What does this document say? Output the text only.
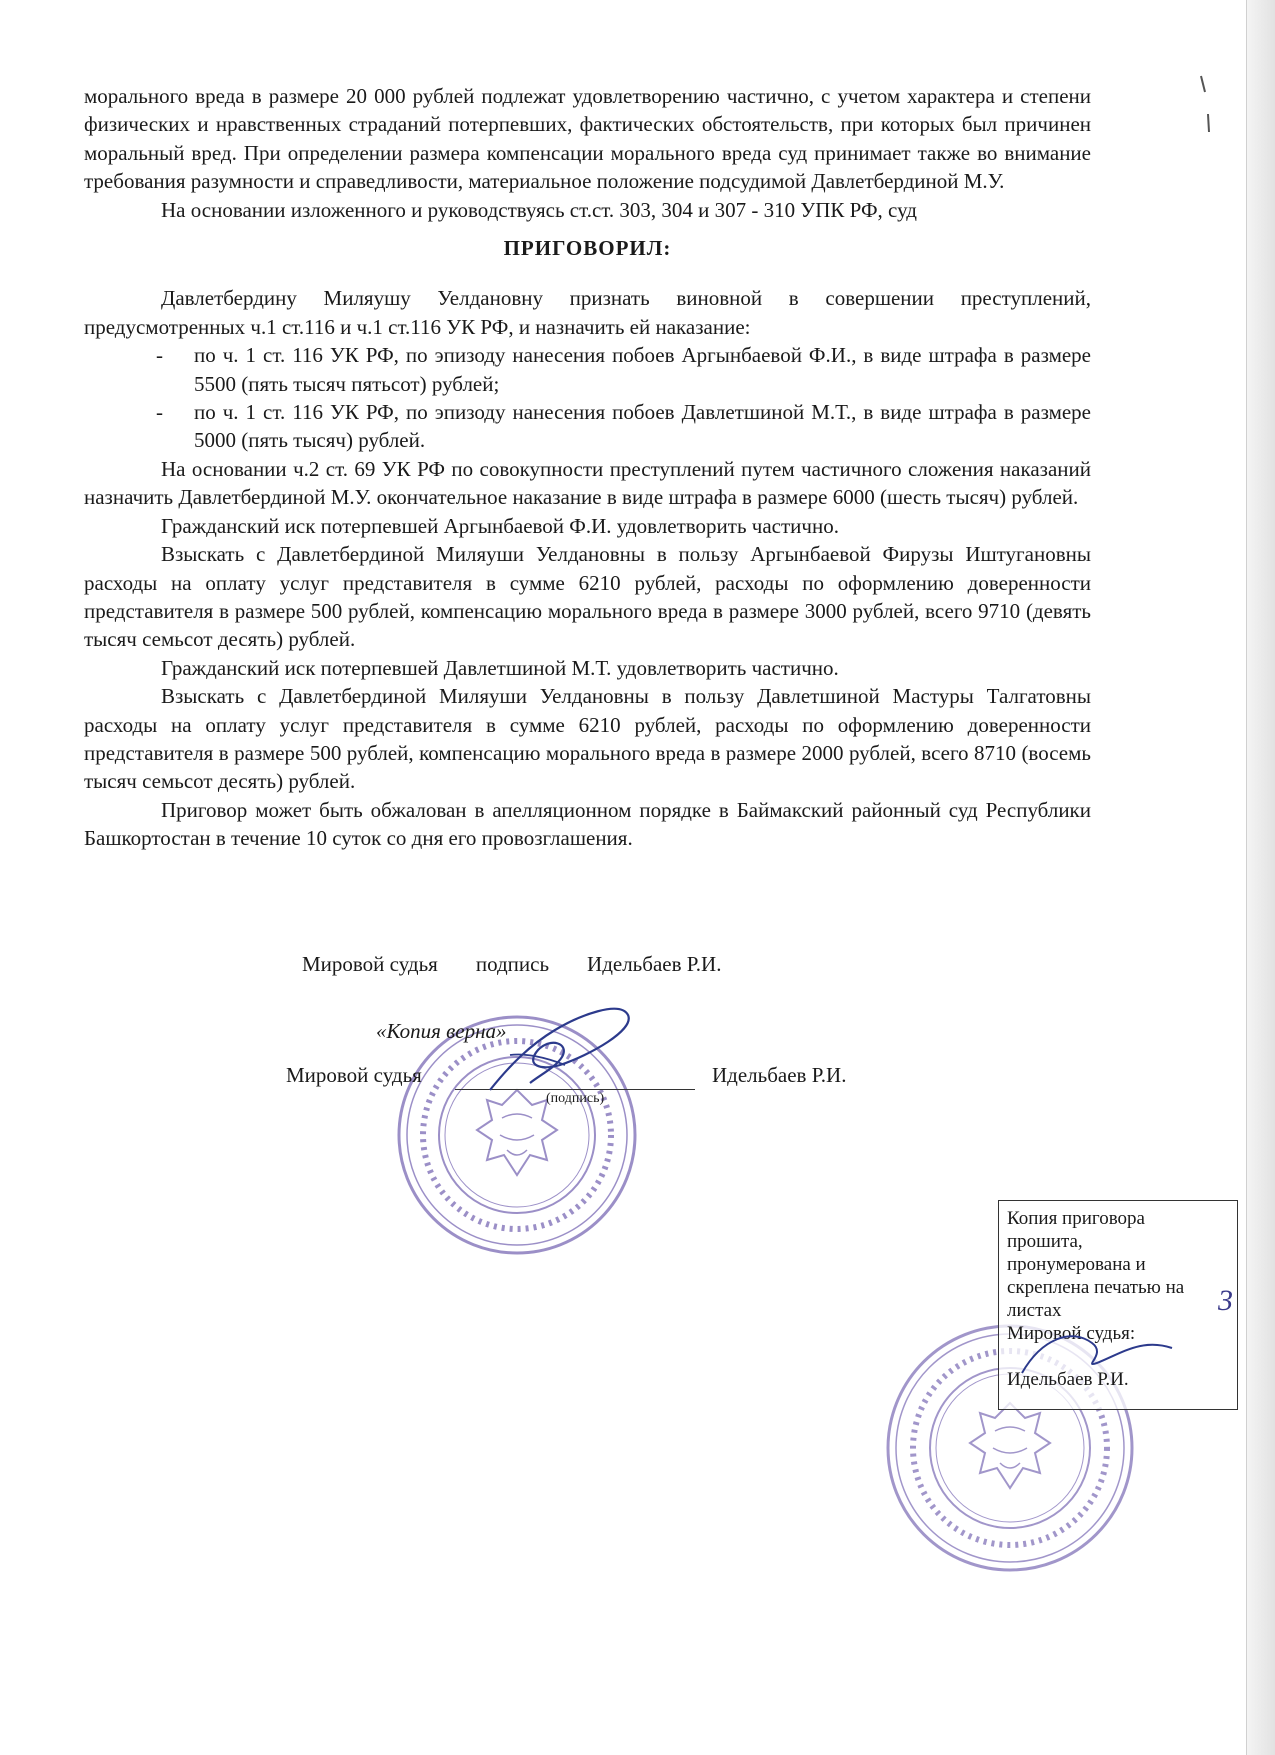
морального вреда в размере 20 000 рублей подлежат удовлетворению частично, с учетом характера и степени физических и нравственных страданий потерпевших, фактических обстоятельств, при которых был причинен моральный вред. При определении размера компенсации морального вреда суд принимает также во внимание требования разумности и справедливости, материальное положение подсудимой Давлетбердиной М.У.

На основании изложенного и руководствуясь ст.ст. 303, 304 и 307 - 310 УПК РФ, суд

ПРИГОВОРИЛ:

Давлетбердину Миляушу Уелдановну признать виновной в совершении преступлений, предусмотренных ч.1 ст.116 и ч.1 ст.116 УК РФ, и назначить ей наказание:

- по ч. 1 ст. 116 УК РФ, по эпизоду нанесения побоев Аргынбаевой Ф.И., в виде штрафа в размере 5500 (пять тысяч пятьсот) рублей;
- по ч. 1 ст. 116 УК РФ, по эпизоду нанесения побоев Давлетшиной М.Т., в виде штрафа в размере 5000 (пять тысяч) рублей.

На основании ч.2 ст. 69 УК РФ по совокупности преступлений путем частичного сложения наказаний назначить Давлетбердиной М.У. окончательное наказание в виде штрафа в размере 6000 (шесть тысяч) рублей.

Гражданский иск потерпевшей Аргынбаевой Ф.И. удовлетворить частично.

Взыскать с Давлетбердиной Миляуши Уелдановны в пользу Аргынбаевой Фирузы Иштугановны расходы на оплату услуг представителя в сумме 6210 рублей, расходы по оформлению доверенности представителя в размере 500 рублей, компенсацию морального вреда в размере 3000 рублей, всего 9710 (девять тысяч семьсот десять) рублей.

Гражданский иск потерпевшей Давлетшиной М.Т. удовлетворить частично.

Взыскать с Давлетбердиной Миляуши Уелдановны в пользу Давлетшиной Мастуры Талгатовны расходы на оплату услуг представителя в сумме 6210 рублей, расходы по оформлению доверенности представителя в размере 500 рублей, компенсацию морального вреда в размере 2000 рублей, всего 8710 (восемь тысяч семьсот десять) рублей.

Приговор может быть обжалован в апелляционном порядке в Баймакский районный суд Республики Башкортостан в течение 10 суток со дня его провозглашения.

Мировой судья подпись Идельбаев Р.И.
«Копия верна»
Мировой судья
(подпись)
Идельбаев Р.И.
Копия приговора
прошита,
пронумерована и
скреплена печатью на
листах
Мировой судья:
Идельбаев Р.И.
3
